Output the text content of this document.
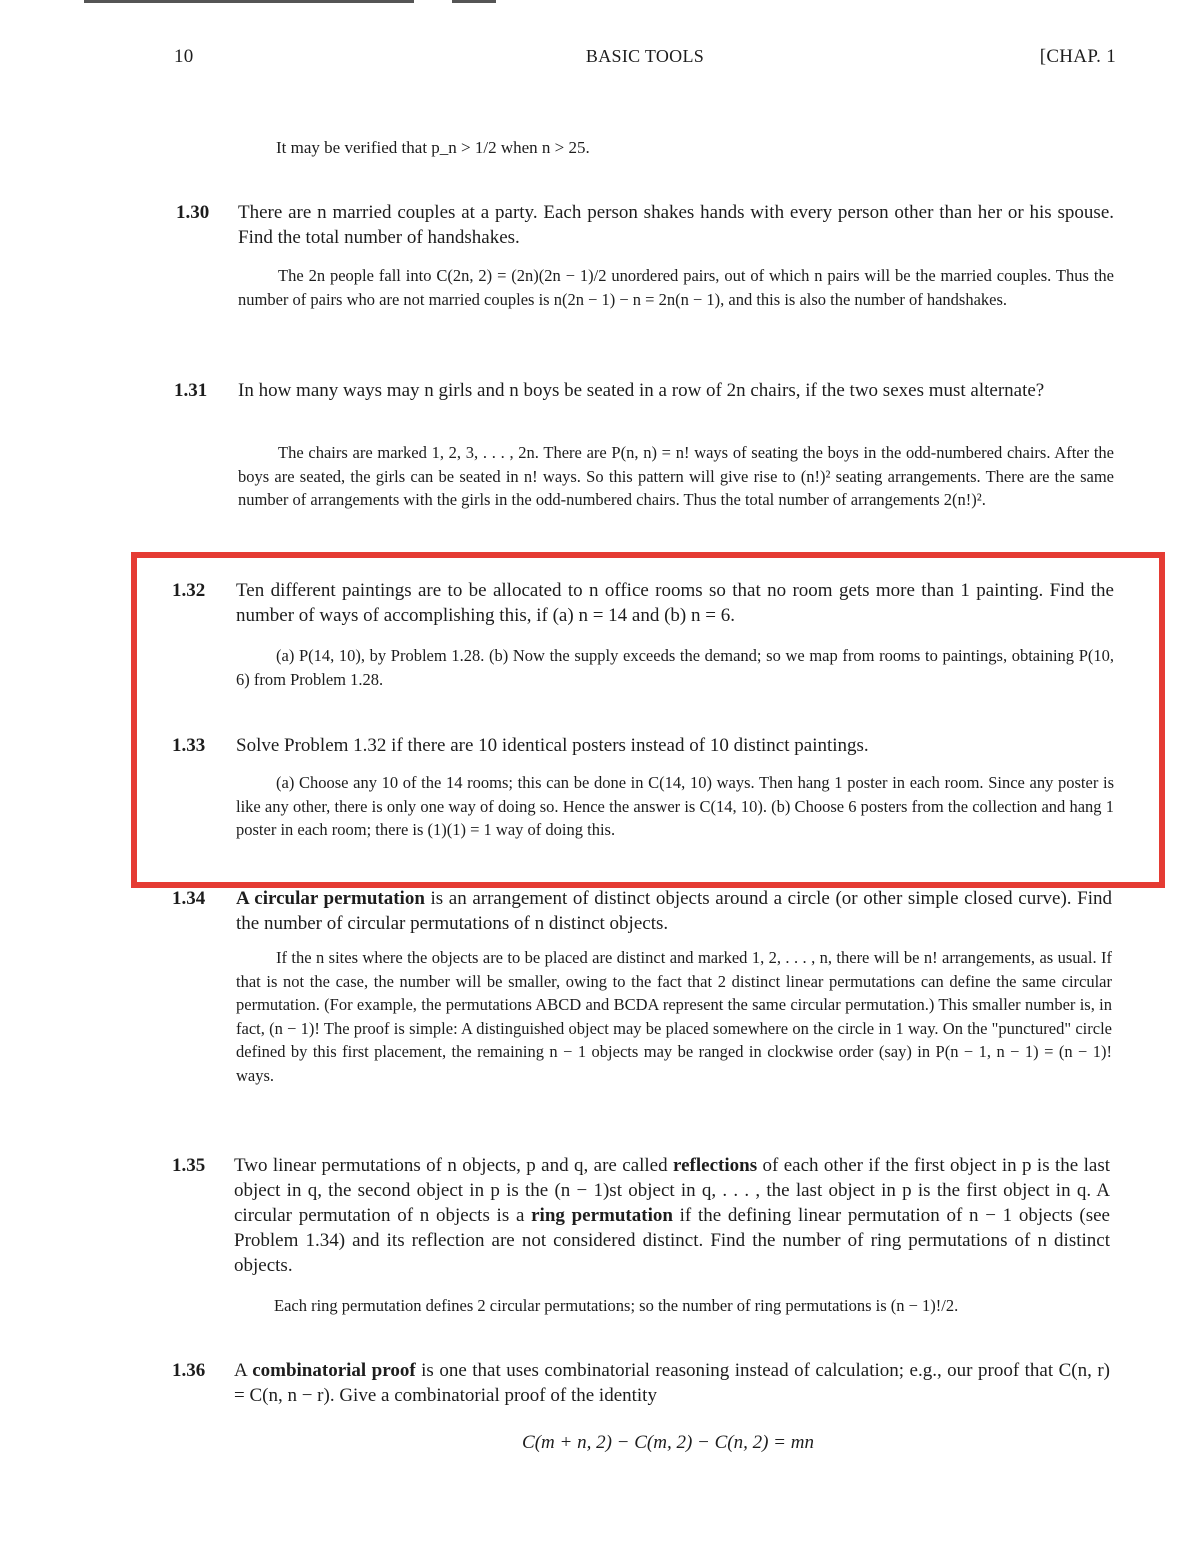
10	BASIC TOOLS	[CHAP. 1
It may be verified that p_n > 1/2 when n > 25.
1.30 There are n married couples at a party. Each person shakes hands with every person other than her or his spouse. Find the total number of handshakes.
The 2n people fall into C(2n, 2) = (2n)(2n − 1)/2 unordered pairs, out of which n pairs will be the married couples. Thus the number of pairs who are not married couples is n(2n − 1) − n = 2n(n − 1), and this is also the number of handshakes.
1.31 In how many ways may n girls and n boys be seated in a row of 2n chairs, if the two sexes must alternate?
The chairs are marked 1, 2, 3, . . . , 2n. There are P(n, n) = n! ways of seating the boys in the odd-numbered chairs. After the boys are seated, the girls can be seated in n! ways. So this pattern will give rise to (n!)² seating arrangements. There are the same number of arrangements with the girls in the odd-numbered chairs. Thus the total number of arrangements 2(n!)².
1.32 Ten different paintings are to be allocated to n office rooms so that no room gets more than 1 painting. Find the number of ways of accomplishing this, if (a) n = 14 and (b) n = 6.
(a) P(14, 10), by Problem 1.28. (b) Now the supply exceeds the demand; so we map from rooms to paintings, obtaining P(10, 6) from Problem 1.28.
1.33 Solve Problem 1.32 if there are 10 identical posters instead of 10 distinct paintings.
(a) Choose any 10 of the 14 rooms; this can be done in C(14, 10) ways. Then hang 1 poster in each room. Since any poster is like any other, there is only one way of doing so. Hence the answer is C(14, 10). (b) Choose 6 posters from the collection and hang 1 poster in each room; there is (1)(1) = 1 way of doing this.
1.34 A circular permutation is an arrangement of distinct objects around a circle (or other simple closed curve). Find the number of circular permutations of n distinct objects.
If the n sites where the objects are to be placed are distinct and marked 1, 2, . . . , n, there will be n! arrangements, as usual. If that is not the case, the number will be smaller, owing to the fact that 2 distinct linear permutations can define the same circular permutation. (For example, the permutations ABCD and BCDA represent the same circular permutation.) This smaller number is, in fact, (n − 1)! The proof is simple: A distinguished object may be placed somewhere on the circle in 1 way. On the "punctured" circle defined by this first placement, the remaining n − 1 objects may be ranged in clockwise order (say) in P(n − 1, n − 1) = (n − 1)! ways.
1.35 Two linear permutations of n objects, p and q, are called reflections of each other if the first object in p is the last object in q, the second object in p is the (n − 1)st object in q, . . . , the last object in p is the first object in q. A circular permutation of n objects is a ring permutation if the defining linear permutation of n − 1 objects (see Problem 1.34) and its reflection are not considered distinct. Find the number of ring permutations of n distinct objects.
Each ring permutation defines 2 circular permutations; so the number of ring permutations is (n − 1)!/2.
1.36 A combinatorial proof is one that uses combinatorial reasoning instead of calculation; e.g., our proof that C(n, r) = C(n, n − r). Give a combinatorial proof of the identity
C(m + n, 2) − C(m, 2) − C(n, 2) = mn
